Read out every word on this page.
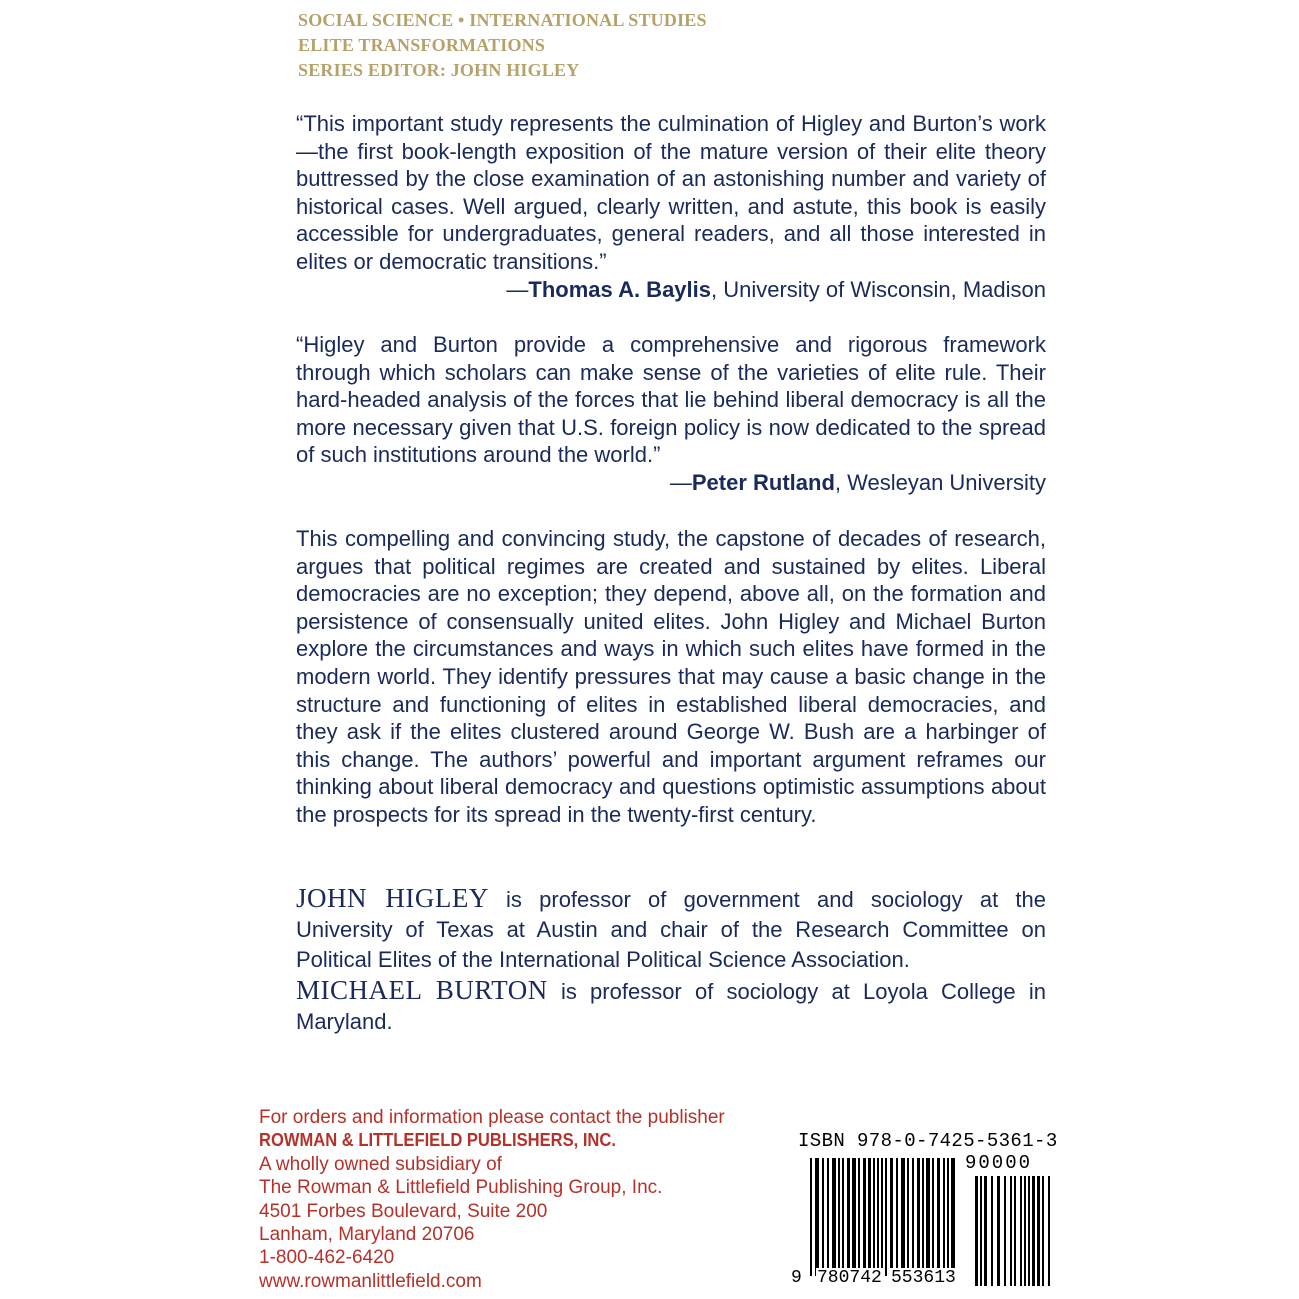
SOCIAL SCIENCE • INTERNATIONAL STUDIES
ELITE TRANSFORMATIONS
SERIES EDITOR: JOHN HIGLEY

“This important study represents the culmination of Higley and Burton’s work—the first book-length exposition of the mature version of their elite theory buttressed by the close examination of an astonishing number and variety of historical cases. Well argued, clearly written, and astute, this book is easily accessible for undergraduates, general readers, and all those interested in elites or democratic transitions.”

—Thomas A. Baylis, University of Wisconsin, Madison

“Higley and Burton provide a comprehensive and rigorous framework through which scholars can make sense of the varieties of elite rule. Their hard-headed analysis of the forces that lie behind liberal democracy is all the more necessary given that U.S. foreign policy is now dedicated to the spread of such institutions around the world.”

—Peter Rutland, Wesleyan University

This compelling and convincing study, the capstone of decades of research, argues that political regimes are created and sustained by elites. Liberal democracies are no exception; they depend, above all, on the formation and persistence of consensually united elites. John Higley and Michael Burton explore the circumstances and ways in which such elites have formed in the modern world. They identify pressures that may cause a basic change in the structure and functioning of elites in established liberal democracies, and they ask if the elites clustered around George W. Bush are a harbinger of this change. The authors’ powerful and important argument reframes our thinking about liberal democracy and questions optimistic assumptions about the prospects for its spread in the twenty-first century.

JOHN HIGLEY is professor of government and sociology at the University of Texas at Austin and chair of the Research Committee on Political Elites of the International Political Science Association.

MICHAEL BURTON is professor of sociology at Loyola College in Maryland.

For orders and information please contact the publisher
ROWMAN & LITTLEFIELD PUBLISHERS, INC.
A wholly owned subsidiary of
The Rowman & Littlefield Publishing Group, Inc.
4501 Forbes Boulevard, Suite 200
Lanham, Maryland 20706
1-800-462-6420
www.rowmanlittlefield.com
ISBN 978-0-7425-5361-3
9 780742 553613
90000
